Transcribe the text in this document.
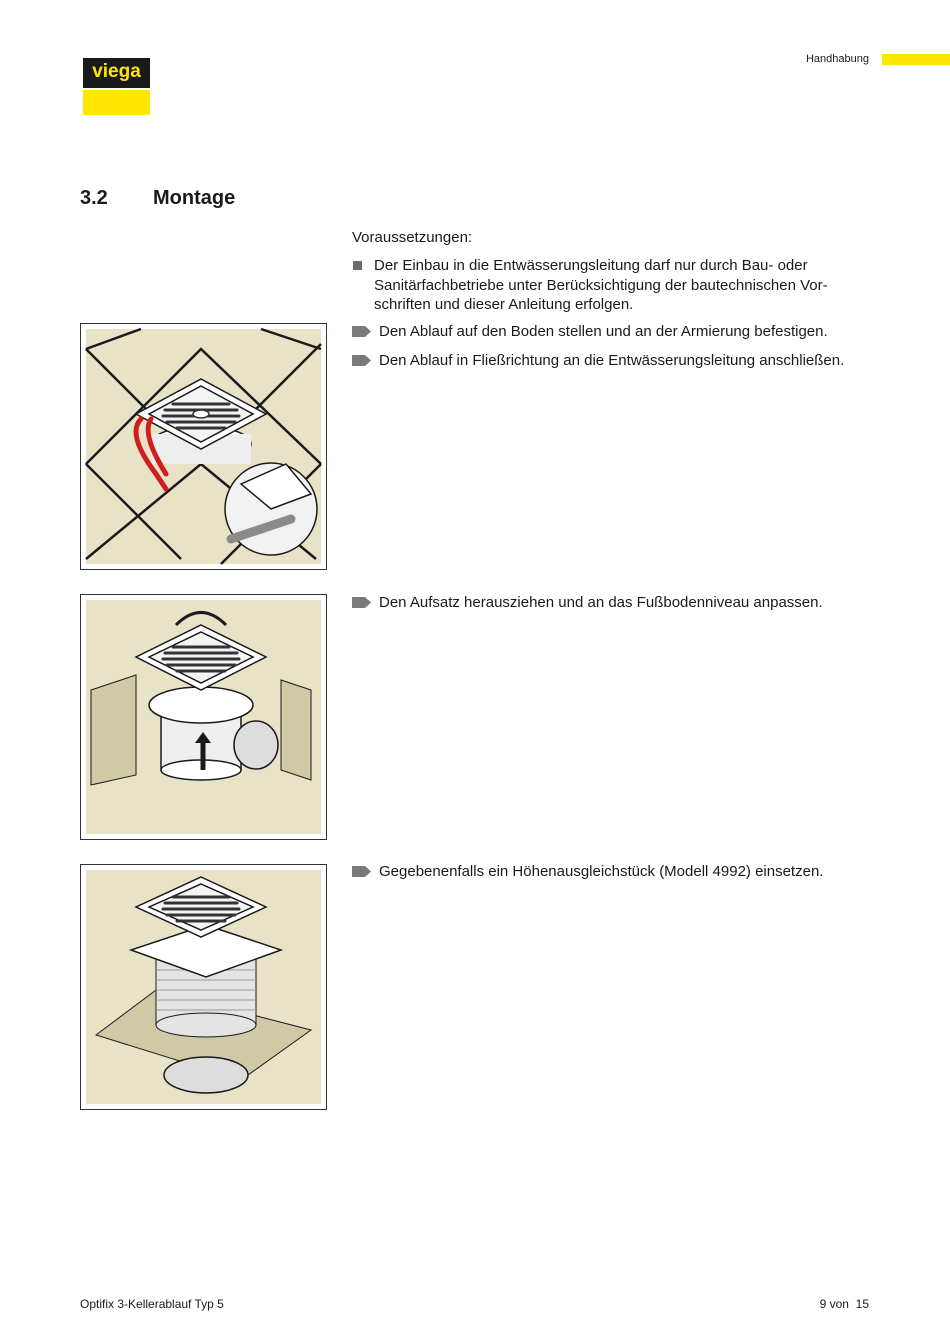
viega
Handhabung
3.2 Montage
Voraussetzungen:
Der Einbau in die Entwässerungsleitung darf nur durch Bau- oder Sanitärfachbetriebe unter Berücksichtigung der bautechnischen Vor-schriften und dieser Anleitung erfolgen.
Den Ablauf auf den Boden stellen und an der Armierung befestigen.
Den Ablauf in Fließrichtung an die Entwässerungsleitung anschließen.
Den Aufsatz herausziehen und an das Fußbodenniveau anpassen.
Gegebenenfalls ein Höhenausgleichstück (Modell 4992) einsetzen.
Optifix 3-Kellerablauf Typ 5	9 von 15
